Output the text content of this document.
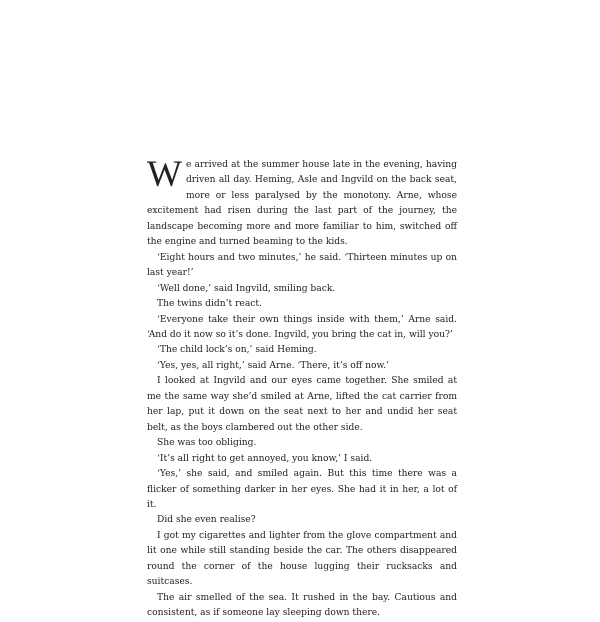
We arrived at the summer house late in the evening, having driven all day. Heming, Asle and Ingvild on the back seat, more or less paralysed by the monotony. Arne, whose excitement had risen during the last part of the journey, the landscape becoming more and more familiar to him, switched off the engine and turned beaming to the kids.

‘Eight hours and two minutes,’ he said. ‘Thirteen minutes up on last year!’

‘Well done,’ said Ingvild, smiling back.

The twins didn’t react.

‘Everyone take their own things inside with them,’ Arne said. ‘And do it now so it’s done. Ingvild, you bring the cat in, will you?’

‘The child lock’s on,’ said Heming.

‘Yes, yes, all right,’ said Arne. ‘There, it’s off now.’

I looked at Ingvild and our eyes came together. She smiled at me the same way she’d smiled at Arne, lifted the cat carrier from her lap, put it down on the seat next to her and undid her seat belt, as the boys clambered out the other side.

She was too obliging.

‘It’s all right to get annoyed, you know,’ I said.

‘Yes,’ she said, and smiled again. But this time there was a flicker of something darker in her eyes. She had it in her, a lot of it.

Did she even realise?

I got my cigarettes and lighter from the glove compartment and lit one while still standing beside the car. The others disappeared round the corner of the house lugging their rucksacks and suitcases.

The air smelled of the sea. It rushed in the bay. Cautious and consistent, as if someone lay sleeping down there.
